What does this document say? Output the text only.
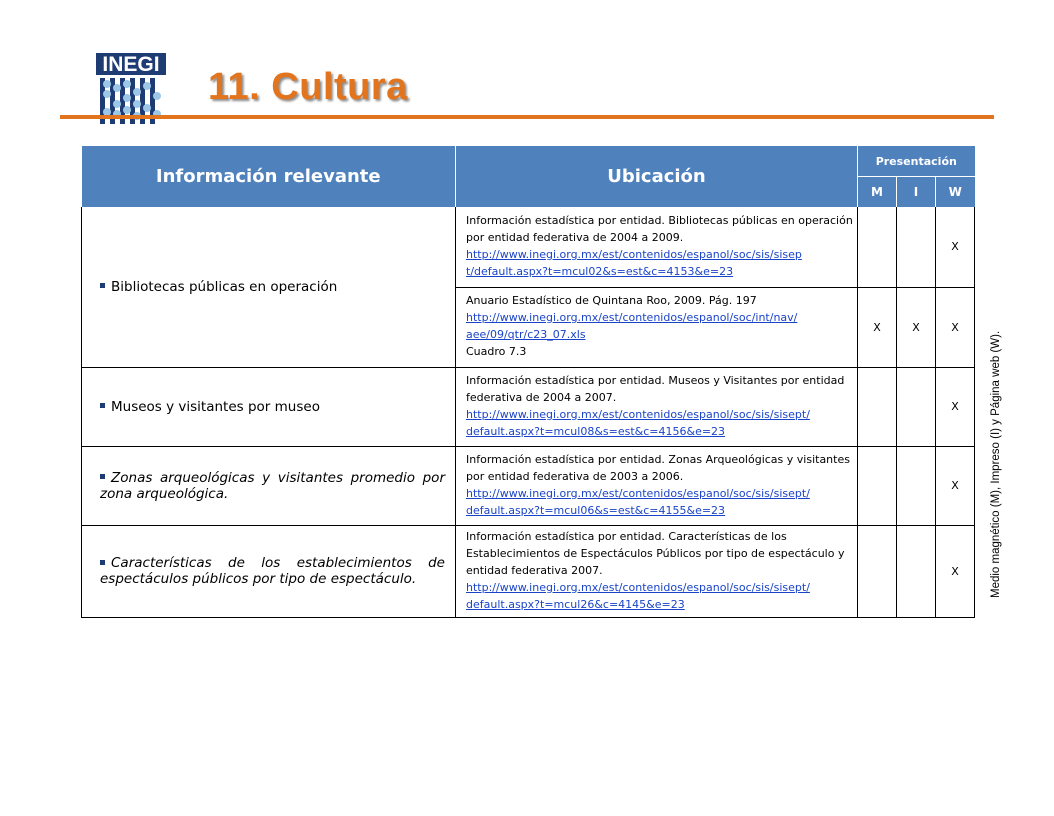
INEGI
11. Cultura
Información relevante	Ubicación	Presentación		
		M	I	W
Bibliotecas públicas en operación	Información estadística por entidad. Bibliotecas públicas en operación por entidad federativa de 2004 a 2009.
http://www.inegi.org.mx/est/contenidos/espanol/soc/sis/sisep
t/default.aspx?t=mcul02&s=est&c=4153&e=23			X

	Anuario Estadístico de Quintana Roo, 2009. Pág. 197
http://www.inegi.org.mx/est/contenidos/espanol/soc/int/nav/
aee/09/qtr/c23_07.xls
Cuadro 7.3	X	X	X
Museos y visitantes por museo	Información estadística por entidad. Museos y Visitantes por entidad federativa de 2004 a 2007.
http://www.inegi.org.mx/est/contenidos/espanol/soc/sis/sisept/
default.aspx?t=mcul08&s=est&c=4156&e=23			X
Zonas arqueológicas y visitantes promedio por zona arqueológica.	Información estadística por entidad. Zonas Arqueológicas y visitantes por entidad federativa de 2003 a 2006.
http://www.inegi.org.mx/est/contenidos/espanol/soc/sis/sisept/
default.aspx?t=mcul06&s=est&c=4155&e=23			X
Características de los establecimientos de espectáculos públicos por tipo de espectáculo.	Información estadística por entidad. Características de los Establecimientos de Espectáculos Públicos por tipo de espectáculo y entidad federativa 2007.
http://www.inegi.org.mx/est/contenidos/espanol/soc/sis/sisept/
default.aspx?t=mcul26&c=4145&e=23			X	Medio magnético (M), Impreso (I) y Página web (W).
